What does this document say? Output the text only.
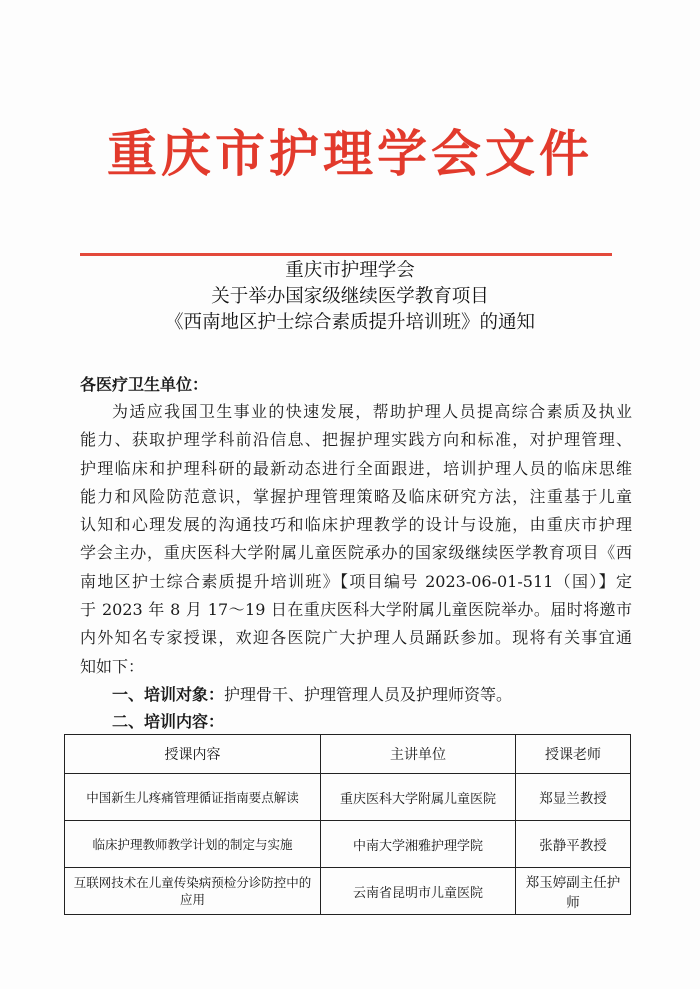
重庆市护理学会文件
重庆市护理学会
关于举办国家级继续医学教育项目
《西南地区护士综合素质提升培训班》的通知
各医疗卫生单位：
为适应我国卫生事业的快速发展，帮助护理人员提高综合素质及执业
能力、获取护理学科前沿信息、把握护理实践方向和标准，对护理管理、
护理临床和护理科研的最新动态进行全面跟进，培训护理人员的临床思维
能力和风险防范意识，掌握护理管理策略及临床研究方法，注重基于儿童
认知和心理发展的沟通技巧和临床护理教学的设计与设施，由重庆市护理
学会主办，重庆医科大学附属儿童医院承办的国家级继续医学教育项目《西
南地区护士综合素质提升培训班》【项目编号 2023-06-01-511（国）】定
于 2023 年 8 月 17～19 日在重庆医科大学附属儿童医院举办。届时将邀市
内外知名专家授课，欢迎各医院广大护理人员踊跃参加。现将有关事宜通
知如下：
一、培训对象：护理骨干、护理管理人员及护理师资等。
二、培训内容：
授课内容	主讲单位	授课老师
中国新生儿疼痛管理循证指南要点解读	重庆医科大学附属儿童医院	郑显兰教授
临床护理教师教学计划的制定与实施	中南大学湘雅护理学院	张静平教授
互联网技术在儿童传染病预检分诊防控中的应用	云南省昆明市儿童医院	郑玉婷副主任护师
